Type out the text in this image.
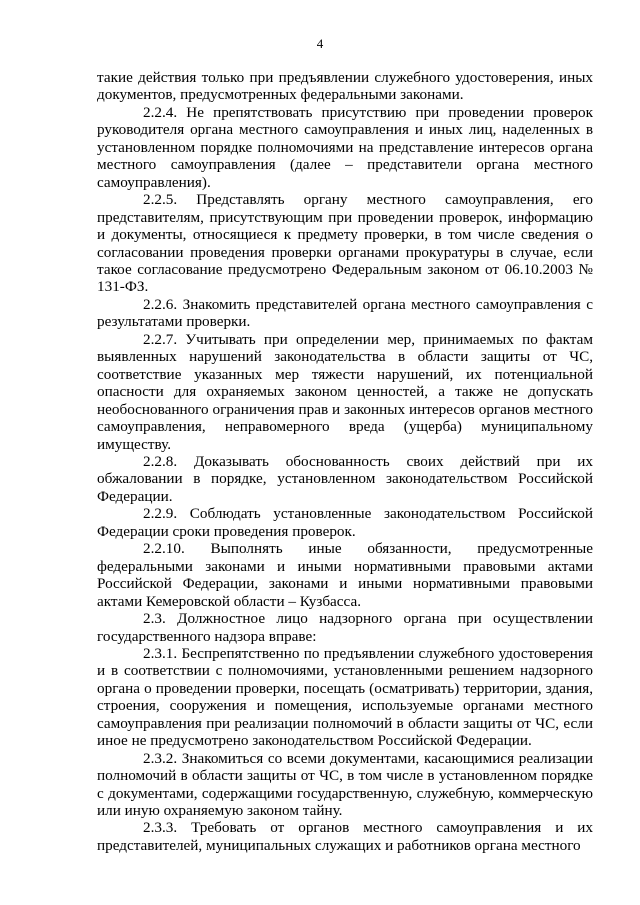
4

такие действия только при предъявлении служебного удостоверения, иных документов, предусмотренных федеральными законами.

2.2.4. Не препятствовать присутствию при проведении проверок руководителя органа местного самоуправления и иных лиц, наделенных в установленном порядке полномочиями на представление интересов органа местного самоуправления (далее – представители органа местного самоуправления).

2.2.5. Представлять органу местного самоуправления, его представителям, присутствующим при проведении проверок, информацию и документы, относящиеся к предмету проверки, в том числе сведения о согласовании проведения проверки органами прокуратуры в случае, если такое согласование предусмотрено Федеральным законом от 06.10.2003 № 131-ФЗ.

2.2.6. Знакомить представителей органа местного самоуправления с результатами проверки.

2.2.7. Учитывать при определении мер, принимаемых по фактам выявленных нарушений законодательства в области защиты от ЧС, соответствие указанных мер тяжести нарушений, их потенциальной опасности для охраняемых законом ценностей, а также не допускать необоснованного ограничения прав и законных интересов органов местного самоуправления, неправомерного вреда (ущерба) муниципальному имуществу.

2.2.8. Доказывать обоснованность своих действий при их обжаловании в порядке, установленном законодательством Российской Федерации.

2.2.9. Соблюдать установленные законодательством Российской Федерации сроки проведения проверок.

2.2.10. Выполнять иные обязанности, предусмотренные федеральными законами и иными нормативными правовыми актами Российской Федерации, законами и иными нормативными правовыми актами Кемеровской области – Кузбасса.

2.3. Должностное лицо надзорного органа при осуществлении государственного надзора вправе:

2.3.1. Беспрепятственно по предъявлении служебного удостоверения и в соответствии с полномочиями, установленными решением надзорного органа о проведении проверки, посещать (осматривать) территории, здания, строения, сооружения и помещения, используемые органами местного самоуправления при реализации полномочий в области защиты от ЧС, если иное не предусмотрено законодательством Российской Федерации.

2.3.2. Знакомиться со всеми документами, касающимися реализации полномочий в области защиты от ЧС, в том числе в установленном порядке с документами, содержащими государственную, служебную, коммерческую или иную охраняемую законом тайну.

2.3.3. Требовать от органов местного самоуправления и их представителей, муниципальных служащих и работников органа местного
